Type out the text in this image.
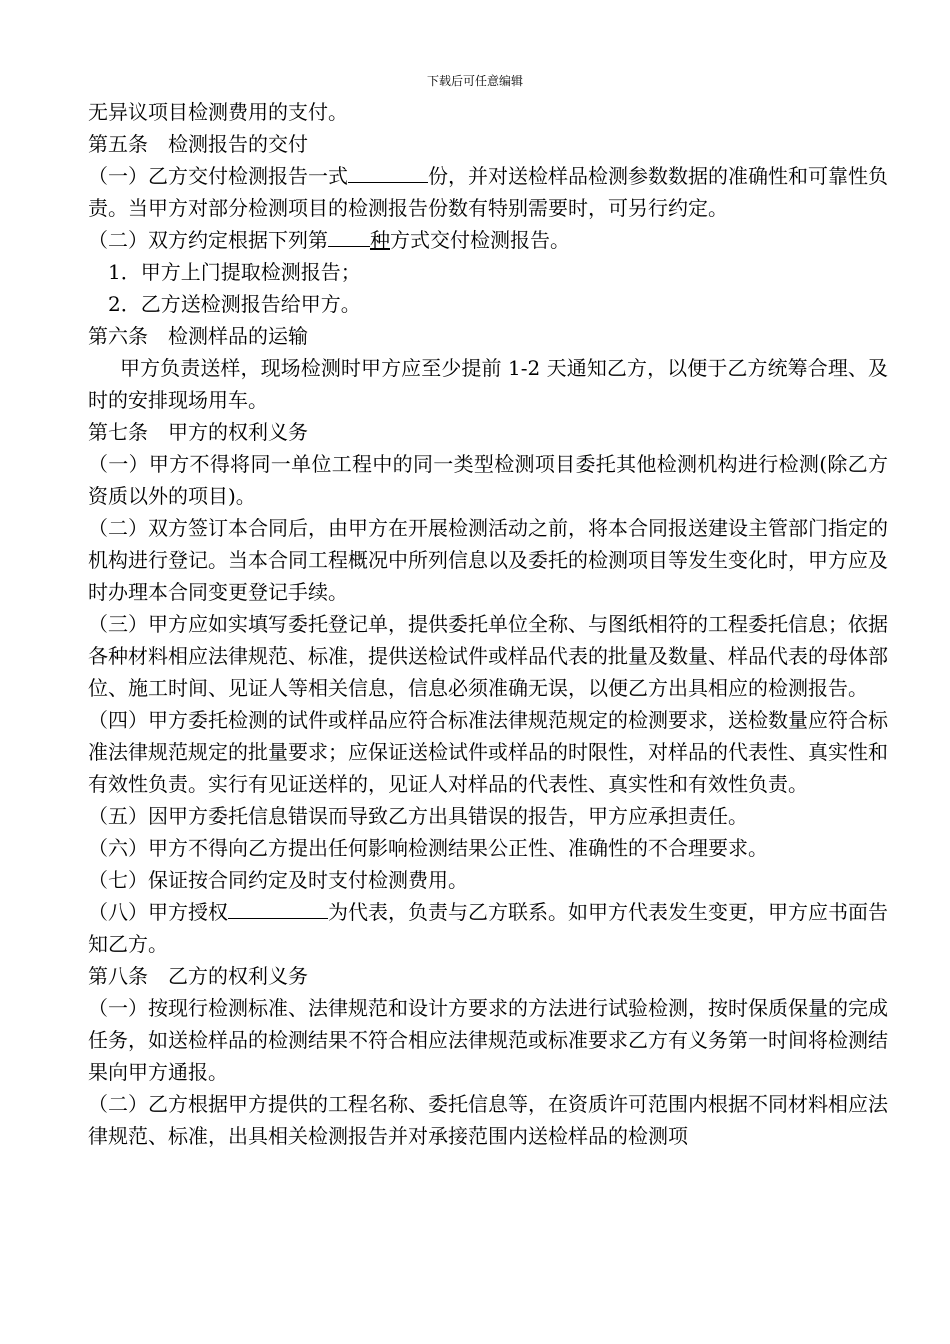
下载后可任意编辑

无异议项目检测费用的支付。

第五条　检测报告的交付

（一）乙方交付检测报告一式	份，并对送检样品检测参数数据的准确性和可靠性负责。当甲方对部分检测项目的检测报告份数有特别需要时，可另行约定。

（二）双方约定根据下列第 种方式交付检测报告。

1．甲方上门提取检测报告；

2．乙方送检测报告给甲方。

第六条　检测样品的运输

甲方负责送样，现场检测时甲方应至少提前 1-2 天通知乙方，以便于乙方统筹合理、及时的安排现场用车。

第七条　甲方的权利义务

（一）甲方不得将同一单位工程中的同一类型检测项目委托其他检测机构进行检测(除乙方资质以外的项目)。

（二）双方签订本合同后，由甲方在开展检测活动之前，将本合同报送建设主管部门指定的机构进行登记。当本合同工程概况中所列信息以及委托的检测项目等发生变化时，甲方应及时办理本合同变更登记手续。

（三）甲方应如实填写委托登记单，提供委托单位全称、与图纸相符的工程委托信息；依据各种材料相应法律规范、标准，提供送检试件或样品代表的批量及数量、样品代表的母体部位、施工时间、见证人等相关信息，信息必须准确无误，以便乙方出具相应的检测报告。

（四）甲方委托检测的试件或样品应符合标准法律规范规定的检测要求，送检数量应符合标准法律规范规定的批量要求；应保证送检试件或样品的时限性，对样品的代表性、真实性和有效性负责。实行有见证送样的，见证人对样品的代表性、真实性和有效性负责。

（五）因甲方委托信息错误而导致乙方出具错误的报告，甲方应承担责任。

（六）甲方不得向乙方提出任何影响检测结果公正性、准确性的不合理要求。

（七）保证按合同约定及时支付检测费用。

（八）甲方授权	为代表，负责与乙方联系。如甲方代表发生变更，甲方应书面告知乙方。

第八条　乙方的权利义务

（一）按现行检测标准、法律规范和设计方要求的方法进行试验检测，按时保质保量的完成任务，如送检样品的检测结果不符合相应法律规范或标准要求乙方有义务第一时间将检测结果向甲方通报。

（二）乙方根据甲方提供的工程名称、委托信息等，在资质许可范围内根据不同材料相应法律规范、标准，出具相关检测报告并对承接范围内送检样品的检测项
